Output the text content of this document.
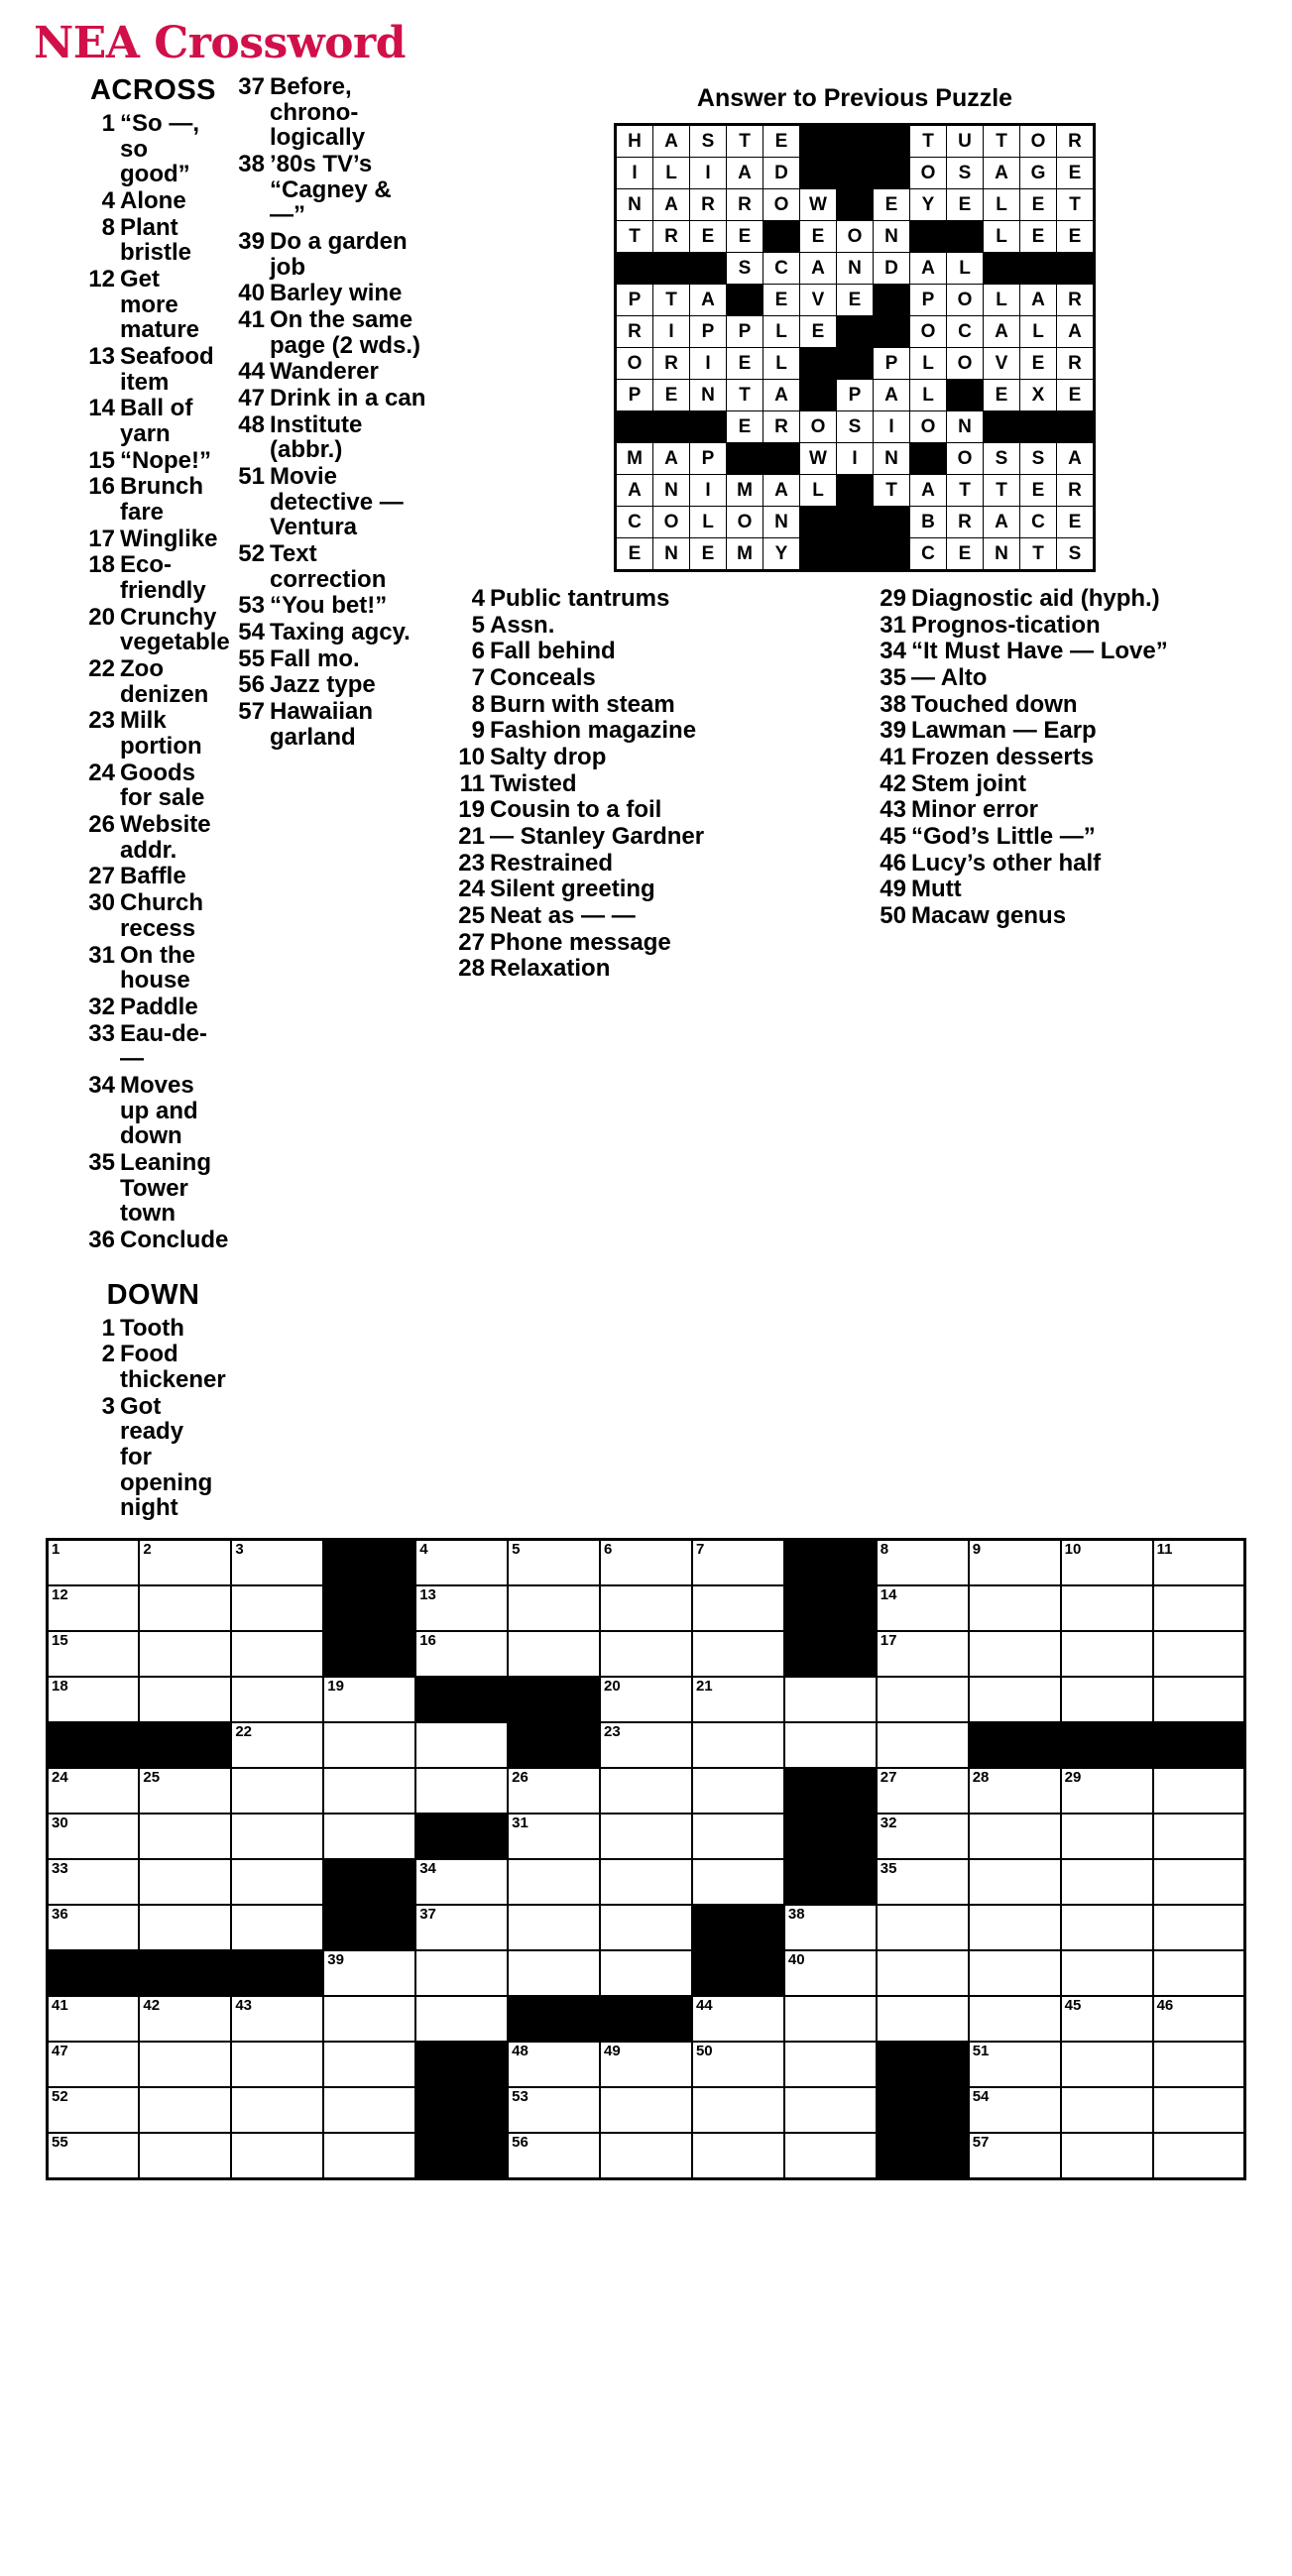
NEA Crossword
ACROSS
1 “So —, so good”
4 Alone
8 Plant bristle
12 Get more mature
13 Seafood item
14 Ball of yarn
15 “Nope!”
16 Brunch fare
17 Winglike
18 Eco-friendly
20 Crunchy vegetable
22 Zoo denizen
23 Milk portion
24 Goods for sale
26 Website addr.
27 Baffle
30 Church recess
31 On the house
32 Paddle
33 Eau-de- —
34 Moves up and down
35 Leaning Tower town
36 Conclude
DOWN
1 Tooth
2 Food thickener
3 Got ready for opening night
37 Before, chrono-logically
38 ’80s TV’s “Cagney & —”
39 Do a garden job
40 Barley wine
41 On the same page (2 wds.)
44 Wanderer
47 Drink in a can
48 Institute (abbr.)
51 Movie detective — Ventura
52 Text correction
53 “You bet!”
54 Taxing agcy.
55 Fall mo.
56 Jazz type
57 Hawaiian garland
Answer to Previous Puzzle
H	A	S	T	E				T	U	T	O	R
I	L	I	A	D				O	S	A	G	E
N	A	R	R	O	W		E	Y	E	L	E	T
T	R	E	E		E	O	N			L	E	E
			S	C	A	N	D	A	L			
P	T	A		E	V	E		P	O	L	A	R
R	I	P	P	L	E			O	C	A	L	A
O	R	I	E	L			P	L	O	V	E	R
P	E	N	T	A		P	A	L		E	X	E
			E	R	O	S	I	O	N			
M	A	P			W	I	N		O	S	S	A
A	N	I	M	A	L		T	A	T	T	E	R
C	O	L	O	N				B	R	A	C	E
E	N	E	M	Y				C	E	N	T	S
4 Public tantrums
5 Assn.
6 Fall behind
7 Conceals
8 Burn with steam
9 Fashion magazine
10 Salty drop
11 Twisted
19 Cousin to a foil
21 — Stanley Gardner
23 Restrained
24 Silent greeting
25 Neat as — —
27 Phone message
28 Relaxation
29 Diagnostic aid (hyph.)
31 Prognos-tication
34 “It Must Have — Love”
35 — Alto
38 Touched down
39 Lawman — Earp
41 Frozen desserts
42 Stem joint
43 Minor error
45 “God’s Little —”
46 Lucy’s other half
49 Mutt
50 Macaw genus
1	2	3		4	5	6	7		8	9	10	11

12				13					14			

15				16					17			

18			19			20	21					

		22				23						

24	25				26				27	28	29	

30					31				32			

33				34					35			

36				37				38				

			39					40				

41	42	43					44				45	46

47					48	49	50			51		

52					53					54		

55					56					57		
